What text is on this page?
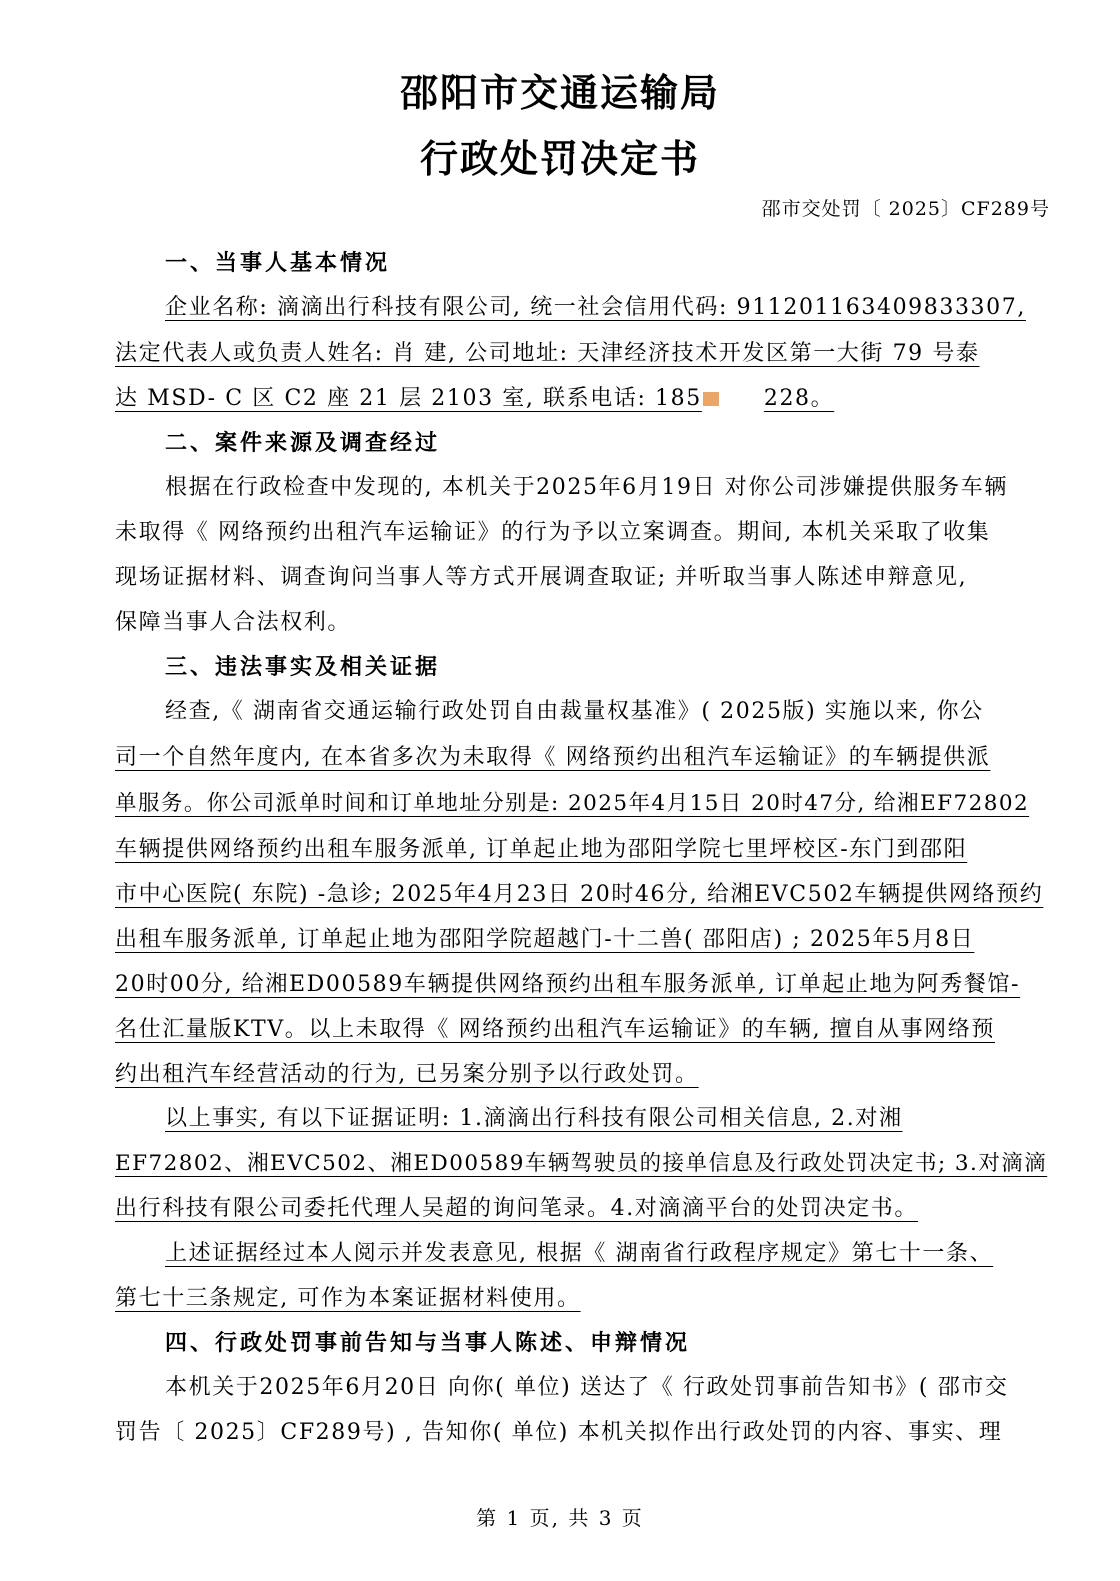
邵阳市交通运输局
行政处罚决定书
邵市交处罚〔 2025〕CF289号
一、当事人基本情况
企业名称: 滴滴出行科技有限公司, 统一社会信用代码: 911201163409833307,
法定代表人或负责人姓名: 肖 建, 公司地址: 天津经济技术开发区第一大街 79 号泰
达 MSD- C 区 C2 座 21 层 2103 室, 联系电话: 185	228。
二、案件来源及调查经过
根据在行政检查中发现的, 本机关于2025年6月19日 对你公司涉嫌提供服务车辆
未取得《 网络预约出租汽车运输证》的行为予以立案调查。期间, 本机关采取了收集
现场证据材料、调查询问当事人等方式开展调查取证; 并听取当事人陈述申辩意见,
保障当事人合法权利。
三、违法事实及相关证据
经查,《 湖南省交通运输行政处罚自由裁量权基准》( 2025版) 实施以来, 你公
司一个自然年度内, 在本省多次为未取得《 网络预约出租汽车运输证》的车辆提供派
单服务。你公司派单时间和订单地址分别是: 2025年4月15日 20时47分, 给湘EF72802
车辆提供网络预约出租车服务派单, 订单起止地为邵阳学院七里坪校区-东门到邵阳
市中心医院( 东院) -急诊; 2025年4月23日 20时46分, 给湘EVC502车辆提供网络预约
出租车服务派单, 订单起止地为邵阳学院超越门-十二兽( 邵阳店) ; 2025年5月8日
20时00分, 给湘ED00589车辆提供网络预约出租车服务派单, 订单起止地为阿秀餐馆-
名仕汇量版KTV。以上未取得《 网络预约出租汽车运输证》的车辆, 擅自从事网络预
约出租汽车经营活动的行为, 已另案分别予以行政处罚。
以上事实, 有以下证据证明: 1.滴滴出行科技有限公司相关信息, 2.对湘
EF72802、湘EVC502、湘ED00589车辆驾驶员的接单信息及行政处罚决定书; 3.对滴滴
出行科技有限公司委托代理人吴超的询问笔录。4.对滴滴平台的处罚决定书。
上述证据经过本人阅示并发表意见, 根据《 湖南省行政程序规定》第七十一条、
第七十三条规定, 可作为本案证据材料使用。
四、行政处罚事前告知与当事人陈述、申辩情况
本机关于2025年6月20日 向你( 单位) 送达了《 行政处罚事前告知书》( 邵市交
罚告〔 2025〕CF289号) , 告知你( 单位) 本机关拟作出行政处罚的内容、事实、理
第 1 页, 共 3 页
